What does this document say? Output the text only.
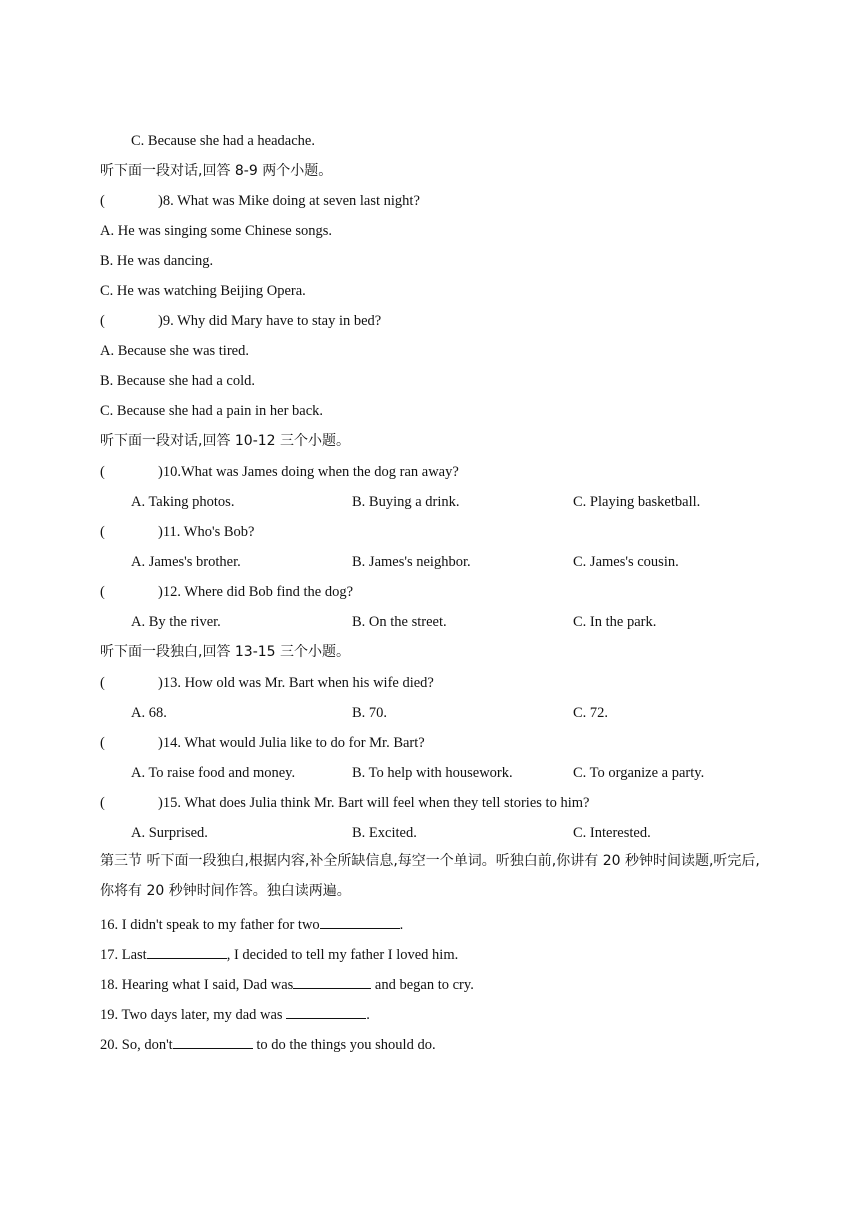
C. Because she had a headache.
听下面一段对话,回答 8-9 两个小题。
(	)8. What was Mike doing at seven last night?
A. He was singing some Chinese songs.
B. He was dancing.
C. He was watching Beijing Opera.
(	)9. Why did Mary have to stay in bed?
A. Because she was tired.
B. Because she had a cold.
C. Because she had a pain in her back.
听下面一段对话,回答 10-12 三个小题。
(	)10.What was James doing when the dog ran away?
A. Taking photos.	B. Buying a drink.	C. Playing basketball.
(	)11. Who's Bob?
A. James's brother.	B. James's neighbor.	C. James's cousin.
(	)12. Where did Bob find the dog?
A. By the river.	B. On the street.	C. In the park.
听下面一段独白,回答 13-15 三个小题。
(	)13. How old was Mr. Bart when his wife died?
A. 68.	B. 70.	C. 72.
(	)14. What would Julia like to do for Mr. Bart?
A. To raise food and money.	B. To help with housework.	C. To organize a party.
(	)15. What does Julia think Mr. Bart will feel when they tell stories to him?
A. Surprised.	B. Excited.	C. Interested.
第三节 听下面一段独白,根据内容,补全所缺信息,每空一个单词。听独白前,你讲有 20 秒钟时间读题,听完后,你将有 20 秒钟时间作答。独白读两遍。
16. I didn't speak to my father for two	.
17. Last	, I decided to tell my father I loved him.
18. Hearing what I said, Dad was	and began to cry.
19. Two days later, my dad was	.
20. So, don't	to do the things you should do.
